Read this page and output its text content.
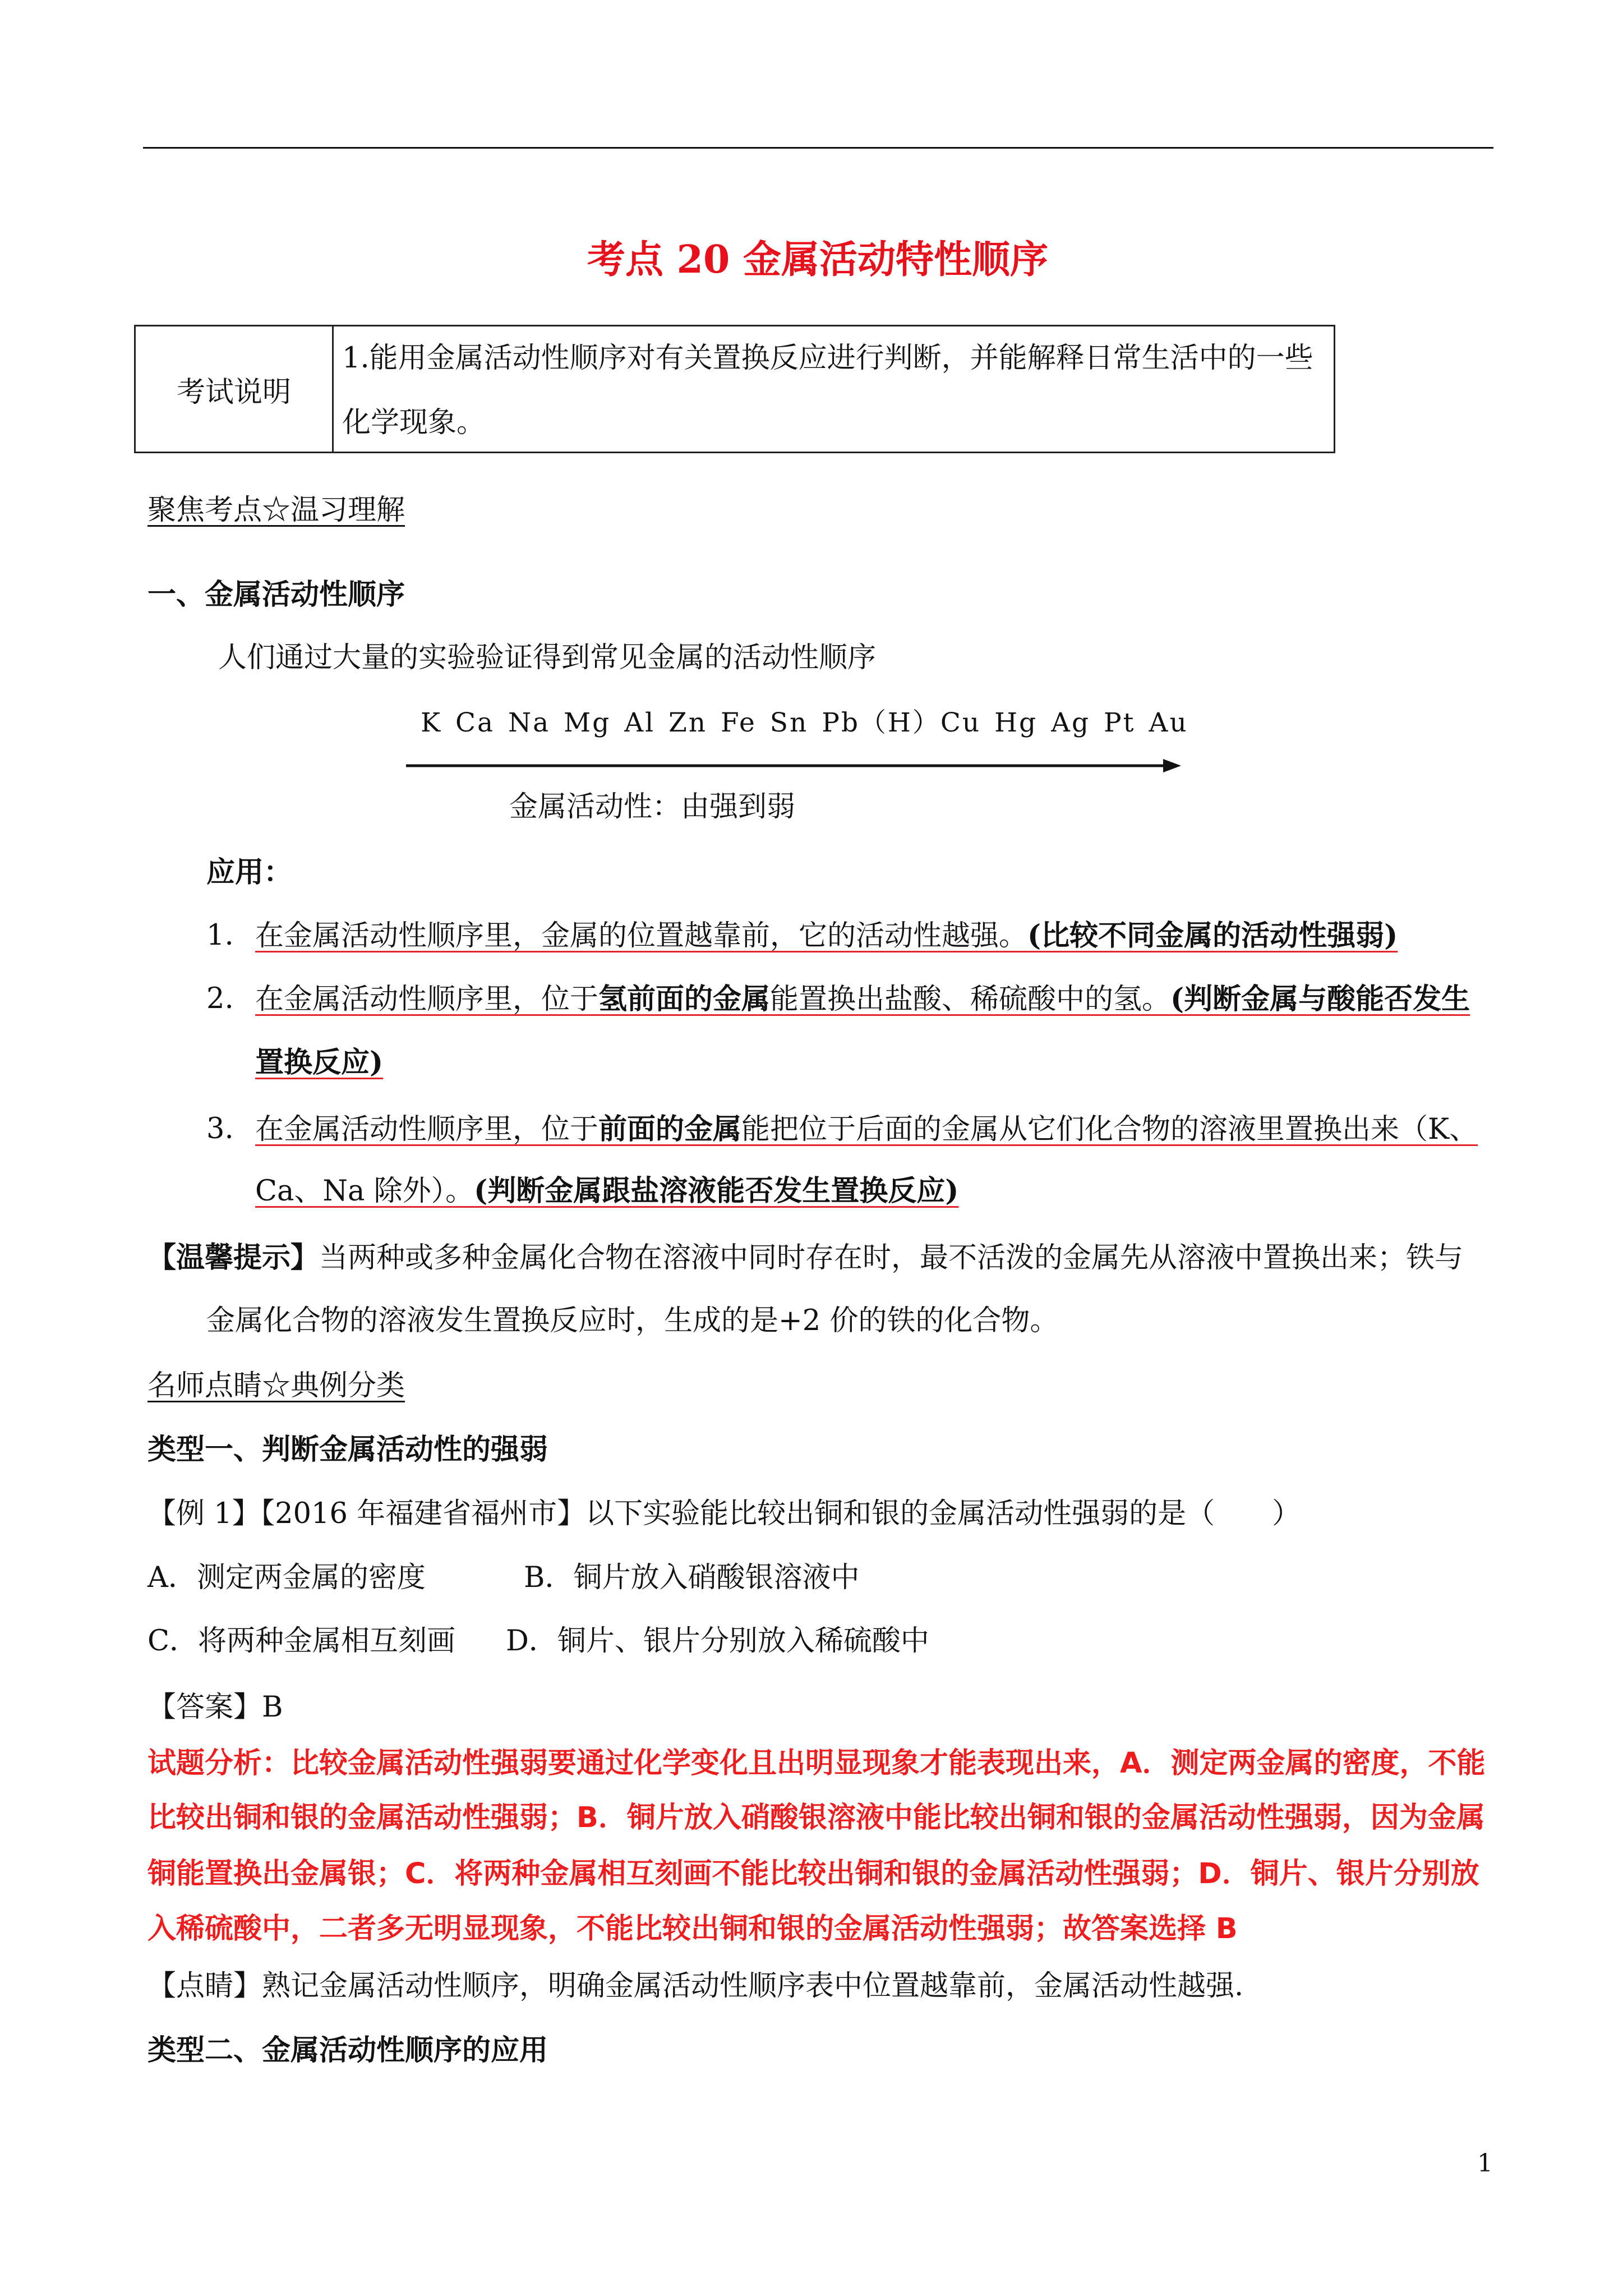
考点 20 金属活动特性顺序
考试说明
1.能用金属活动性顺序对有关置换反应进行判断，并能解释日常生活中的一些
化学现象。
聚焦考点☆温习理解
一、金属活动性顺序
人们通过大量的实验验证得到常见金属的活动性顺序
K Ca Na Mg Al Zn Fe Sn Pb（H）Cu Hg Ag Pt Au
金属活动性：由强到弱
应用：
1. 在金属活动性顺序里，金属的位置越靠前，它的活动性越强。(比较不同金属的活动性强弱)
2. 在金属活动性顺序里，位于氢前面的金属能置换出盐酸、稀硫酸中的氢。(判断金属与酸能否发生
置换反应)
3. 在金属活动性顺序里，位于前面的金属能把位于后面的金属从它们化合物的溶液里置换出来（K、
Ca、Na 除外）。(判断金属跟盐溶液能否发生置换反应)
【温馨提示】当两种或多种金属化合物在溶液中同时存在时，最不活泼的金属先从溶液中置换出来；铁与
金属化合物的溶液发生置换反应时，生成的是+2 价的铁的化合物。
名师点睛☆典例分类
类型一、判断金属活动性的强弱
【例 1】【2016 年福建省福州市】以下实验能比较出铜和银的金属活动性强弱的是（　　）
A．测定两金属的密度	B．铜片放入硝酸银溶液中
C．将两种金属相互刻画 D．铜片、银片分别放入稀硫酸中
【答案】B
试题分析：比较金属活动性强弱要通过化学变化且出明显现象才能表现出来，A．测定两金属的密度，不能
比较出铜和银的金属活动性强弱；B．铜片放入硝酸银溶液中能比较出铜和银的金属活动性强弱，因为金属
铜能置换出金属银；C．将两种金属相互刻画不能比较出铜和银的金属活动性强弱；D．铜片、银片分别放
入稀硫酸中，二者多无明显现象，不能比较出铜和银的金属活动性强弱；故答案选择 B
【点睛】熟记金属活动性顺序，明确金属活动性顺序表中位置越靠前，金属活动性越强.
类型二、金属活动性顺序的应用
1
